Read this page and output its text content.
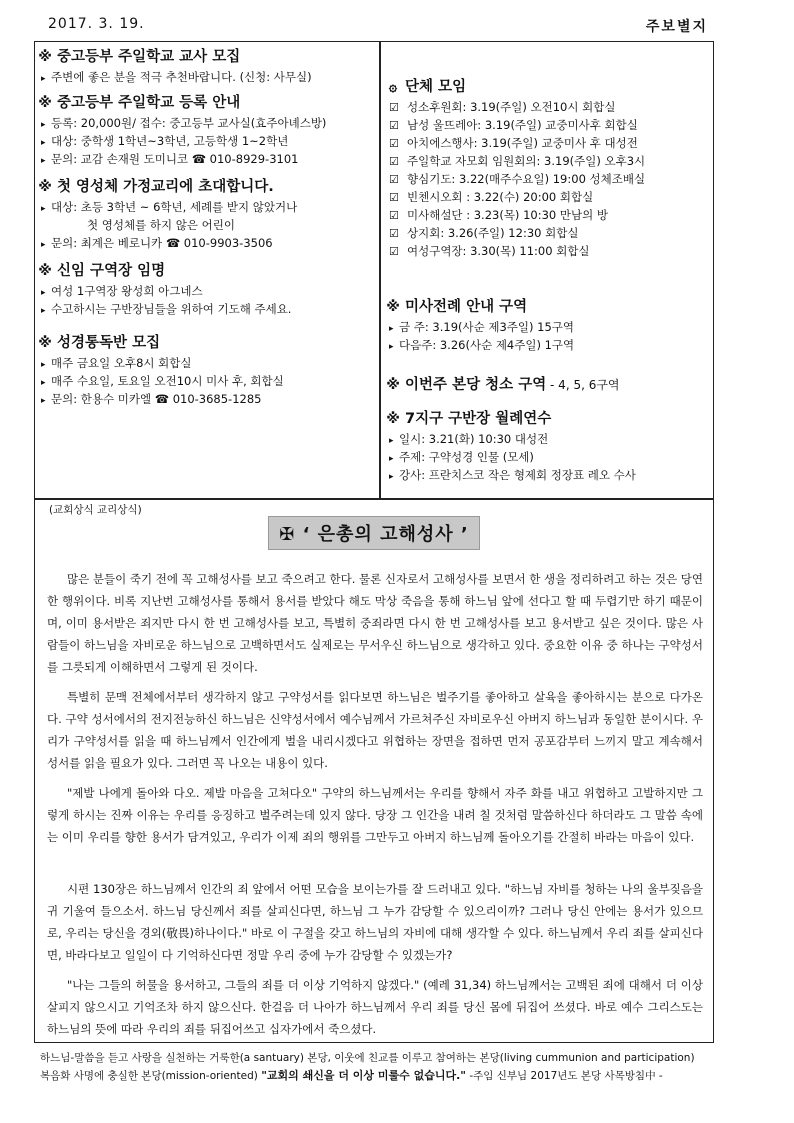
2017. 3. 19.	주보별지
※ 중고등부 주일학교 교사 모집
▸ 주변에 좋은 분을 적극 추천바랍니다. (신청: 사무실)
※ 중고등부 주일학교 등록 안내
▸ 등록: 20,000원/ 접수: 중고등부 교사실(효주아녜스방)
▸ 대상: 중학생 1학년~3학년, 고등학생 1~2학년
▸ 문의: 교감 손재원 도미니코 ☎ 010-8929-3101
※ 첫 영성체 가정교리에 초대합니다.
▸ 대상: 초등 3학년 ~ 6학년, 세례를 받지 않았거나
첫 영성체를 하지 않은 어린이
▸ 문의: 최계은 베로니카 ☎ 010-9903-3506
※ 신임 구역장 임명
▸ 여성 1구역장 왕성희 아그네스
▸ 수고하시는 구반장님들을 위하여 기도해 주세요.
※ 성경통독반 모집
▸ 매주 금요일 오후8시 회합실
▸ 매주 수요일, 토요일 오전10시 미사 후, 회합실
▸ 문의: 한용수 미카엘 ☎ 010-3685-1285
۞ 단체 모임
☑ 성소후원회: 3.19(주일) 오전10시 회합실
☑ 남성 울뜨레아: 3.19(주일) 교중미사후 회합실
☑ 아치에스행사: 3.19(주일) 교중미사 후 대성전
☑ 주일학교 자모회 임원회의: 3.19(주일) 오후3시
☑ 향심기도: 3.22(매주수요일) 19:00 성체조배실
☑ 빈첸시오회 : 3.22(수) 20:00 회합실
☑ 미사해설단 : 3.23(목) 10:30 만남의 방
☑ 상지회: 3.26(주일) 12:30 회합실
☑ 여성구역장: 3.30(목) 11:00 회합실
※ 미사전례 안내 구역
▸ 금 주: 3.19(사순 제3주일) 15구역
▸ 다음주: 3.26(사순 제4주일) 1구역
※ 이번주 본당 청소 구역 - 4, 5, 6구역
※ 7지구 구반장 월례연수
▸ 일시: 3.21(화) 10:30 대성전
▸ 주제: 구약성경 인물 (모세)
▸ 강사: 프란치스코 작은 형제회 정장표 레오 수사
(교회상식 교리상식)
✠ ‘ 은총의 고해성사 ’

많은 분들이 죽기 전에 꼭 고해성사를 보고 죽으려고 한다. 물론 신자로서 고해성사를 보면서 한 생을 정리하려고 하는 것은 당연한 행위이다. 비록 지난번 고해성사를 통해서 용서를 받았다 해도 막상 죽음을 통해 하느님 앞에 선다고 할 때 두렵기만 하기 때문이며, 이미 용서받은 죄지만 다시 한 번 고해성사를 보고, 특별히 중죄라면 다시 한 번 고해성사를 보고 용서받고 싶은 것이다. 많은 사람들이 하느님을 자비로운 하느님으로 고백하면서도 실제로는 무서우신 하느님으로 생각하고 있다. 중요한 이유 중 하나는 구약성서를 그릇되게 이해하면서 그렇게 된 것이다.

특별히 문맥 전체에서부터 생각하지 않고 구약성서를 읽다보면 하느님은 벌주기를 좋아하고 살육을 좋아하시는 분으로 다가온다. 구약 성서에서의 전지전능하신 하느님은 신약성서에서 예수님께서 가르쳐주신 자비로우신 아버지 하느님과 동일한 분이시다. 우리가 구약성서를 읽을 때 하느님께서 인간에게 벌을 내리시겠다고 위협하는 장면을 접하면 먼저 공포감부터 느끼지 말고 계속해서 성서를 읽을 필요가 있다. 그러면 꼭 나오는 내용이 있다.

"제발 나에게 돌아와 다오. 제발 마음을 고쳐다오" 구약의 하느님께서는 우리를 향해서 자주 화를 내고 위협하고 고발하지만 그렇게 하시는 진짜 이유는 우리를 응징하고 벌주려는데 있지 않다. 당장 그 인간을 내려 칠 것처럼 말씀하신다 하더라도 그 말씀 속에는 이미 우리를 향한 용서가 담겨있고, 우리가 이제 죄의 행위를 그만두고 아버지 하느님께 돌아오기를 간절히 바라는 마음이 있다.

시편 130장은 하느님께서 인간의 죄 앞에서 어떤 모습을 보이는가를 잘 드러내고 있다. "하느님 자비를 청하는 나의 울부짖음을 귀 기울여 들으소서. 하느님 당신께서 죄를 살피신다면, 하느님 그 누가 감당할 수 있으리이까? 그러나 당신 안에는 용서가 있으므로, 우리는 당신을 경외(敬畏)하나이다." 바로 이 구절을 갖고 하느님의 자비에 대해 생각할 수 있다. 하느님께서 우리 죄를 살피신다면, 바라다보고 일일이 다 기억하신다면 정말 우리 중에 누가 감당할 수 있겠는가?

"나는 그들의 허물을 용서하고, 그들의 죄를 더 이상 기억하지 않겠다." (예레 31,34) 하느님께서는 고백된 죄에 대해서 더 이상 살피지 않으시고 기억조차 하지 않으신다. 한걸음 더 나아가 하느님께서 우리 죄를 당신 몸에 뒤집어 쓰셨다. 바로 예수 그리스도는 하느님의 뜻에 따라 우리의 죄를 뒤집어쓰고 십자가에서 죽으셨다.

하느님-말씀을 듣고 사랑을 실천하는 거룩한(a santuary) 본당, 이웃에 친교를 이루고 참여하는 본당(living cummunion and participation)
복음화 사명에 충실한 본당(mission-oriented) "교회의 쇄신을 더 이상 미룰수 없습니다." -주임 신부님 2017년도 본당 사목방침中 -
